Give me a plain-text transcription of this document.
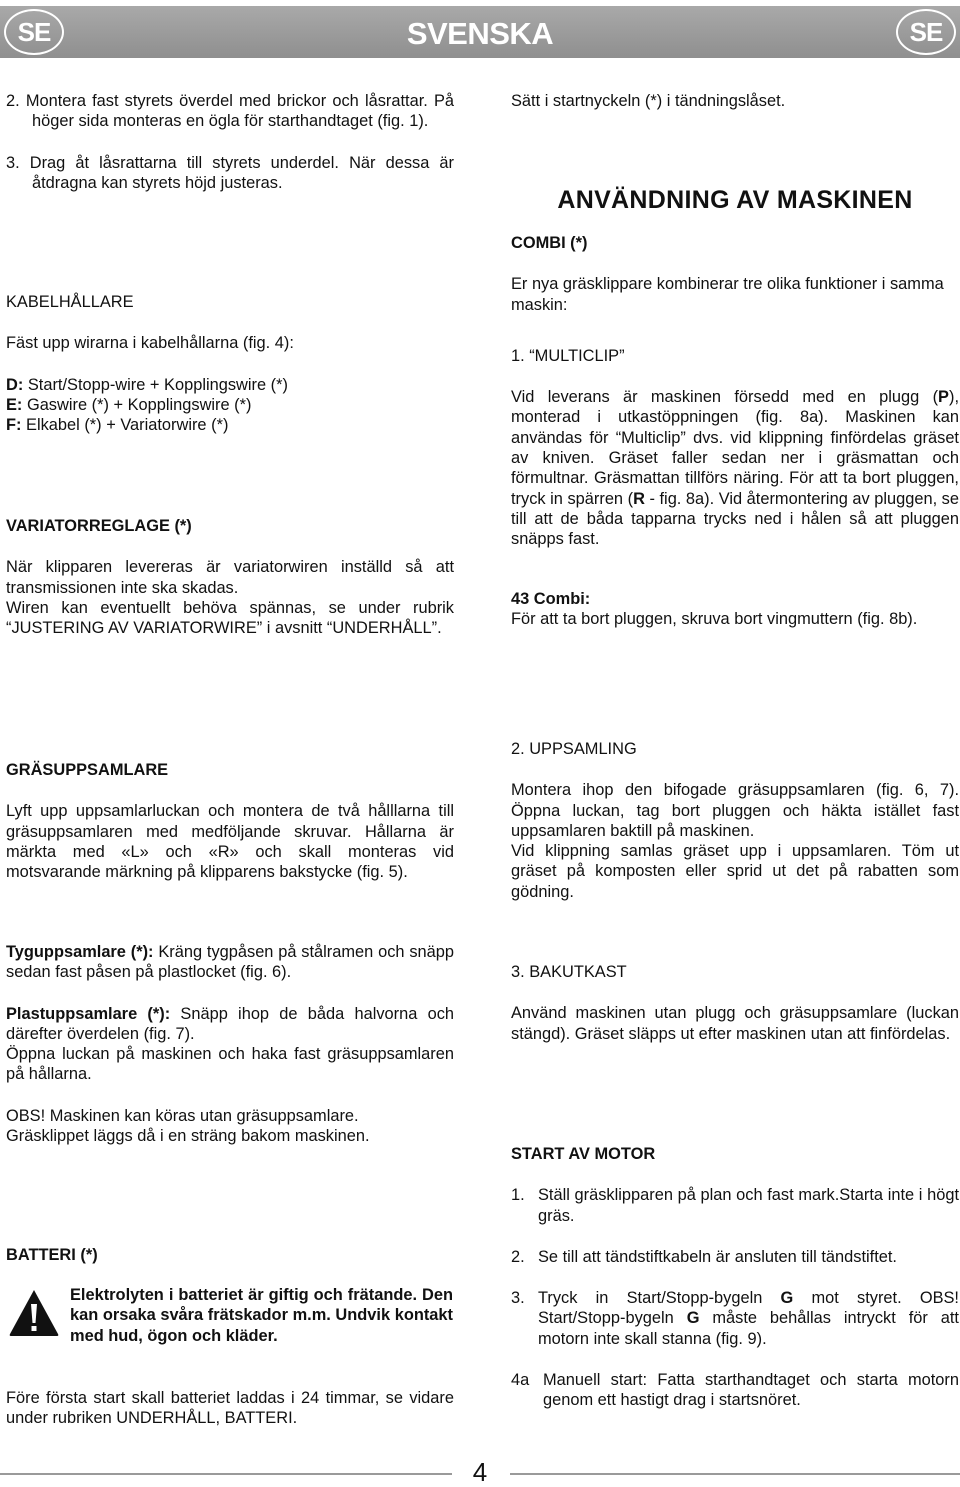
SE	SVENSKA	SE

2. Montera fast styrets överdel med brickor och låsrattar. På höger sida monteras en ögla för starthandtaget (fig. 1).

3. Drag åt låsrattarna till styrets underdel. När dessa är åtdragna kan styrets höjd justeras.

KABELHÅLLARE

Fäst upp wirarna i kabelhållarna (fig. 4):

D: Start/Stopp-wire + Kopplingswire (*)

E: Gaswire (*) + Kopplingswire (*)

F: Elkabel (*) + Variatorwire (*)

VARIATORREGLAGE (*)

När klipparen levereras är variatorwiren inställd så att transmissionen inte ska skadas.

Wiren kan eventuellt behöva spännas, se under rubrik “JUSTERING AV VARIATORWIRE” i avsnitt “UNDERHÅLL”.

Sätt i startnyckeln (*) i tändningslåset.

ANVÄNDNING AV MASKINEN

COMBI (*)

Er nya gräsklippare kombinerar tre olika funktioner i samma maskin:

1. “MULTICLIP”

Vid leverans är maskinen försedd med en plugg (P), monterad i utkastöppningen (fig. 8a). Maskinen kan användas för “Multiclip” dvs. vid klippning finfördelas gräset av kniven. Gräset faller sedan ner i gräsmattan och förmultnar. Gräsmattan tillförs näring. För att ta bort pluggen, tryck in spärren (R - fig. 8a). Vid återmontering av pluggen, se till att de båda tapparna trycks ned i hålen så att pluggen snäpps fast.

43 Combi:

För att ta bort pluggen, skruva bort vingmuttern (fig. 8b).

GRÄSUPPSAMLARE

Lyft upp uppsamlarluckan och montera de två hålllarna till gräsuppsamlaren med medföljande skruvar. Hållarna är märkta med «L» och «R» och skall monteras vid motsvarande märkning på klipparens bakstycke (fig. 5).

Tyguppsamlare (*): Kräng tygpåsen på stålramen och snäpp sedan fast påsen på plastlocket (fig. 6).

Plastuppsamlare (*): Snäpp ihop de båda halvorna och därefter överdelen (fig. 7).

Öppna luckan på maskinen och haka fast gräsuppsamlaren på hållarna.

OBS! Maskinen kan köras utan gräsuppsamlare.

Gräsklippet läggs då i en sträng bakom maskinen.

BATTERI (*)

Elektrolyten i batteriet är giftig och frätande. Den kan orsaka svåra frätskador m.m. Undvik kontakt med hud, ögon och kläder.
Före första start skall batteriet laddas i 24 timmar, se vidare under rubriken UNDERHÅLL, BATTERI.

2. UPPSAMLING

Montera ihop den bifogade gräsuppsamlaren (fig. 6, 7). Öppna luckan, tag bort pluggen och häkta istället fast uppsamlaren baktill på maskinen.

Vid klippning samlas gräset upp i uppsamlaren. Töm ut gräset på komposten eller sprid ut det på rabatten som gödning.

3. BAKUTKAST

Använd maskinen utan plugg och gräsuppsamlare (luckan stängd). Gräset släpps ut efter maskinen utan att finfördelas.

START AV MOTOR

1. Ställ gräsklipparen på plan och fast mark.Starta inte i högt gräs.
2. Se till att tändstiftkabeln är ansluten till tändstiftet.
3. Tryck in Start/Stopp-bygeln G mot styret. OBS! Start/Stopp-bygeln G måste behållas intryckt för att motorn inte skall stanna (fig. 9).
4a Manuell start: Fatta starthandtaget och starta motorn genom ett hastigt drag i startsnöret.
4
